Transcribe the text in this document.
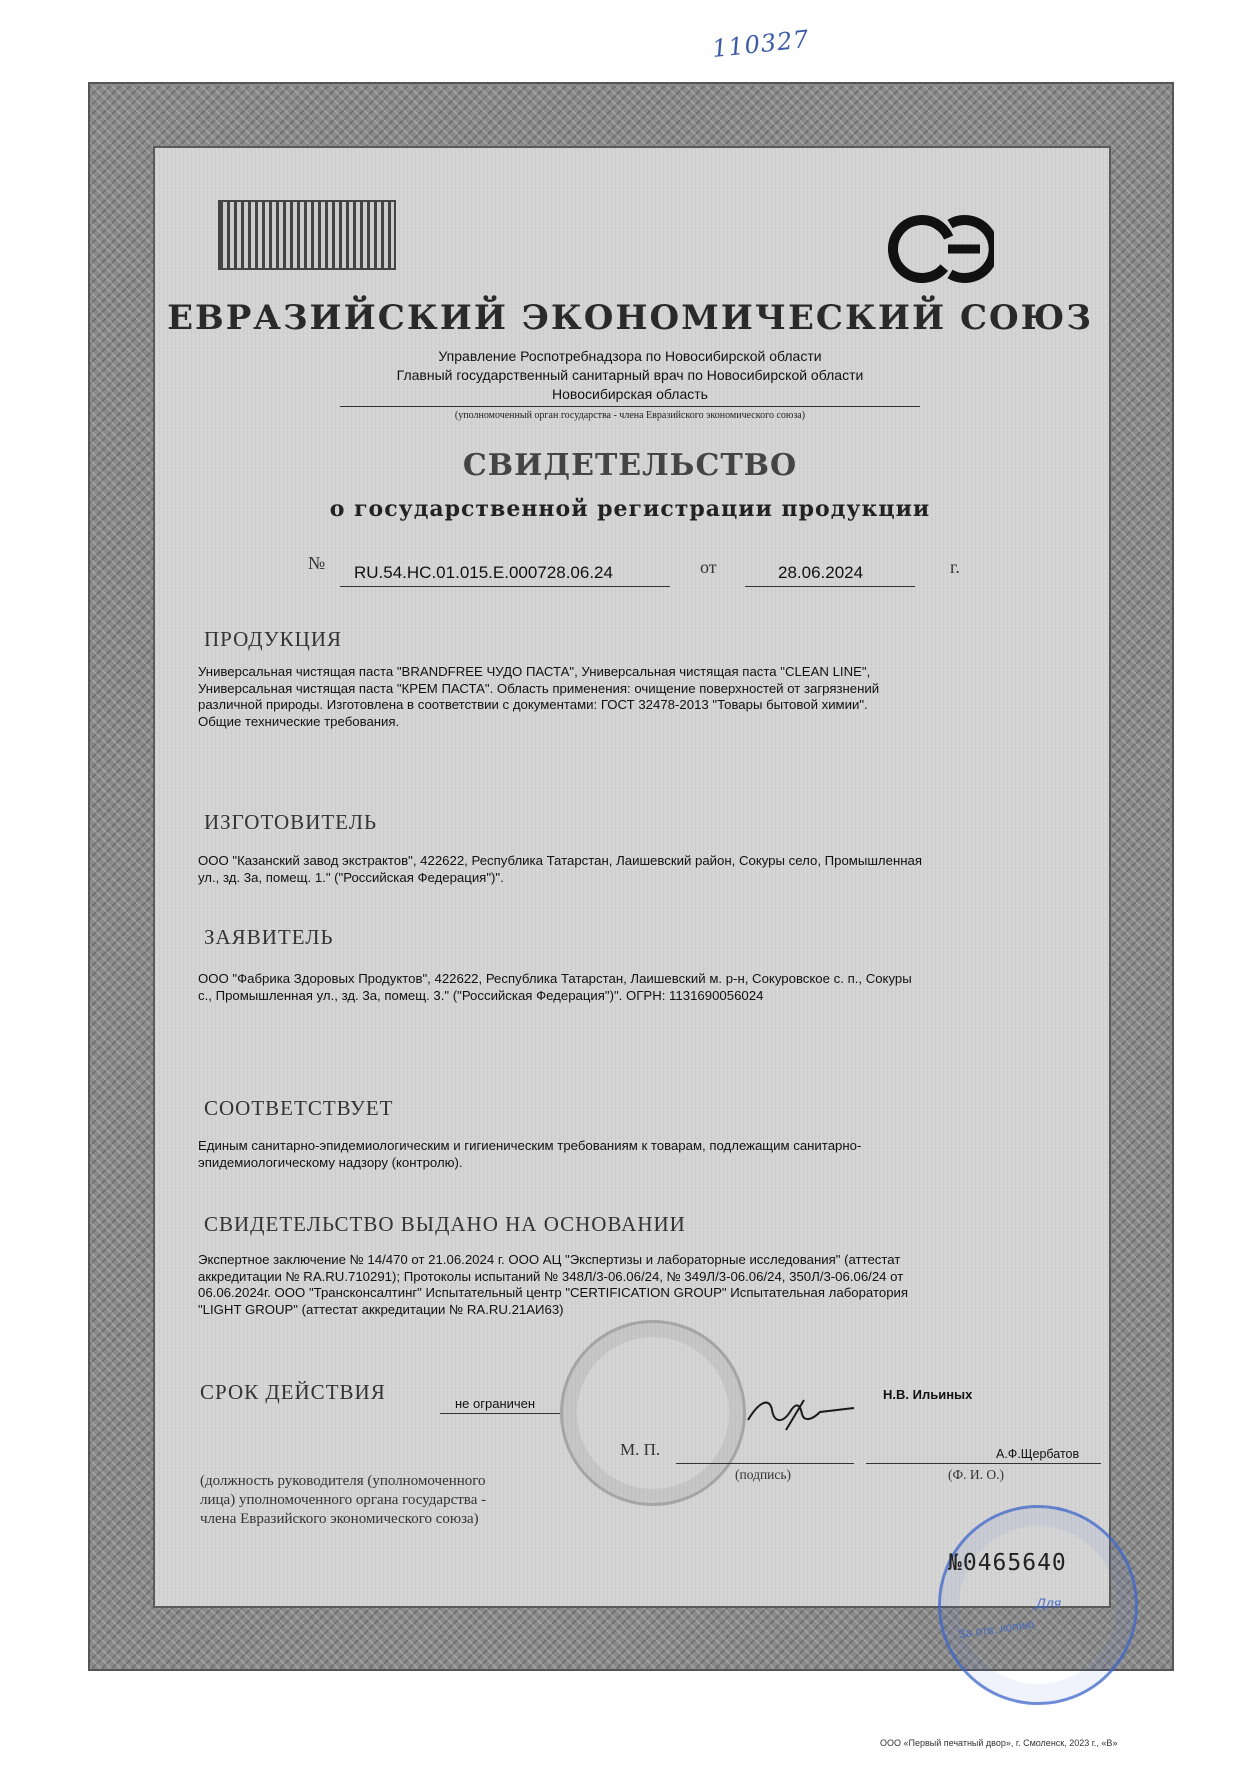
110327
ЕВРАЗИЙСКИЙ ЭКОНОМИЧЕСКИЙ СОЮЗ
Управление Роспотребнадзора по Новосибирской области
Главный государственный санитарный врач по Новосибирской области
Новосибирская область
(уполномоченный орган государства - члена Евразийского экономического союза)
СВИДЕТЕЛЬСТВО
о государственной регистрации продукции
№ RU.54.НС.01.015.Е.000728.06.24	от	28.06.2024	г.
ПРОДУКЦИЯ
Универсальная чистящая паста "BRANDFREE ЧУДО ПАСТА", Универсальная чистящая паста "CLEAN LINE",
Универсальная чистящая паста "КРЕМ ПАСТА". Область применения: очищение поверхностей от загрязнений
различной природы. Изготовлена в соответствии с документами: ГОСТ 32478-2013 "Товары бытовой химии".
Общие технические требования.
ИЗГОТОВИТЕЛЬ
ООО "Казанский завод экстрактов", 422622, Республика Татарстан, Лаишевский район, Сокуры село, Промышленная
ул., зд. 3а, помещ. 1." ("Российская Федерация")".
ЗАЯВИТЕЛЬ
ООО "Фабрика Здоровых Продуктов", 422622, Республика Татарстан, Лаишевский м. р-н, Сокуровское с. п., Сокуры
с., Промышленная ул., зд. 3а, помещ. 3." ("Российская Федерация")". ОГРН: 1131690056024
СООТВЕТСТВУЕТ
Единым санитарно-эпидемиологическим и гигиеническим требованиям к товарам, подлежащим санитарно-
эпидемиологическому надзору (контролю).
СВИДЕТЕЛЬСТВО ВЫДАНО НА ОСНОВАНИИ
Экспертное заключение № 14/470 от 21.06.2024 г. ООО АЦ "Экспертизы и лабораторные исследования" (аттестат
аккредитации № RA.RU.710291); Протоколы испытаний № 348Л/3-06.06/24, № 349Л/3-06.06/24, 350Л/3-06.06/24 от
06.06.2024г. ООО "Трансконсалтинг" Испытательный центр "CERTIFICATION GROUP" Испытательная лаборатория
"LIGHT GROUP" (аттестат аккредитации № RA.RU.21АИ63)
СРОК ДЕЙСТВИЯ	не ограничен
Н.В. Ильиных
М. П.	А.Ф.Щербатов
(подпись)	(Ф. И. О.)
(должность руководителя (уполномоченного
лица) уполномоченного органа государства -
члена Евразийского экономического союза)
№0465640
Для
За отв. копию
ООО «Первый печатный двор», г. Смоленск, 2023 г., «В»
